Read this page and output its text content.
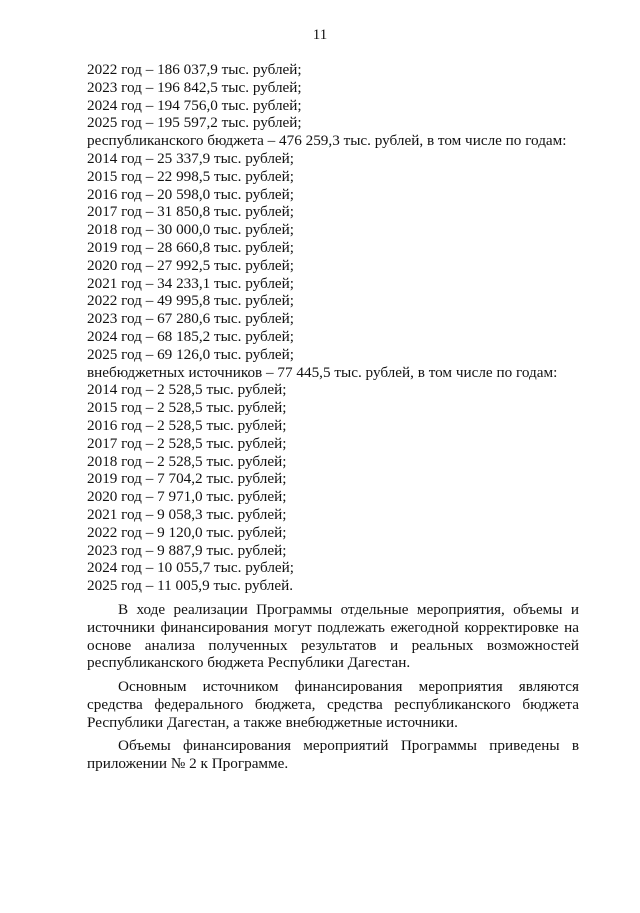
11
2022 год – 186 037,9 тыс. рублей;
2023 год – 196 842,5 тыс. рублей;
2024 год – 194 756,0 тыс. рублей;
2025 год – 195 597,2 тыс. рублей;
республиканского бюджета – 476 259,3 тыс. рублей, в том числе по годам:
2014 год – 25 337,9 тыс. рублей;
2015 год – 22 998,5 тыс. рублей;
2016 год – 20 598,0 тыс. рублей;
2017 год – 31 850,8 тыс. рублей;
2018 год – 30 000,0 тыс. рублей;
2019 год – 28 660,8 тыс. рублей;
2020 год – 27 992,5 тыс. рублей;
2021 год – 34 233,1 тыс. рублей;
2022 год – 49 995,8 тыс. рублей;
2023 год – 67 280,6 тыс. рублей;
2024 год – 68 185,2 тыс. рублей;
2025 год – 69 126,0 тыс. рублей;
внебюджетных источников – 77 445,5 тыс. рублей, в том числе по годам:
2014 год – 2 528,5 тыс. рублей;
2015 год – 2 528,5 тыс. рублей;
2016 год – 2 528,5 тыс. рублей;
2017 год – 2 528,5 тыс. рублей;
2018 год – 2 528,5 тыс. рублей;
2019 год – 7 704,2 тыс. рублей;
2020 год – 7 971,0 тыс. рублей;
2021 год – 9 058,3 тыс. рублей;
2022 год – 9 120,0 тыс. рублей;
2023 год – 9 887,9 тыс. рублей;
2024 год – 10 055,7 тыс. рублей;
2025 год – 11 005,9 тыс. рублей.

В ходе реализации Программы отдельные мероприятия, объемы и источники финансирования могут подлежать ежегодной корректировке на основе анализа полученных результатов и реальных возможностей республиканского бюджета Республики Дагестан.

Основным источником финансирования мероприятия являются средства федерального бюджета, средства республиканского бюджета Республики Дагестан, а также внебюджетные источники.

Объемы финансирования мероприятий Программы приведены в приложении № 2 к Программе.
